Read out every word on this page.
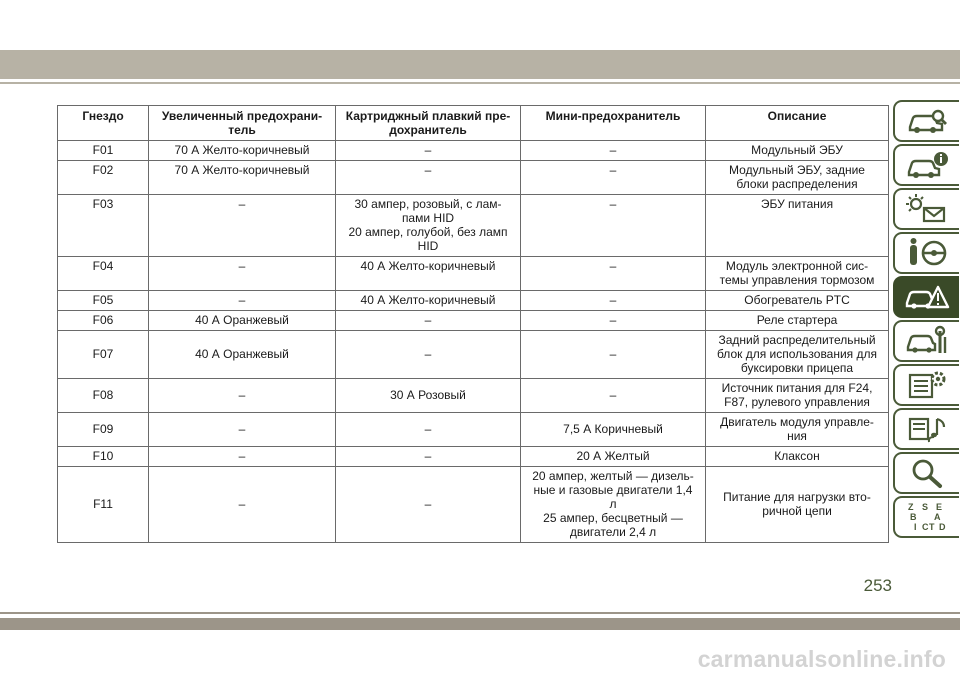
Гнездо	Увеличенный предохрани-
тель	Картриджный плавкий пре-
дохранитель	Мини-предохранитель	Описание
F01	70 А Желто-коричневый	–	–	Модульный ЭБУ
F02	70 А Желто-коричневый	–	–	Модульный ЭБУ, задние
блоки распределения
F03	–	30 ампер, розовый, с лам-
пами HID
20 ампер, голубой, без ламп
HID	–	ЭБУ питания
F04	–	40 А Желто-коричневый	–	Модуль электронной сис-
темы управления тормозом
F05	–	40 А Желто-коричневый	–	Обогреватель PTC
F06	40 А Оранжевый	–	–	Реле стартера
F07	40 А Оранжевый	–	–	Задний распределительный
блок для использования для
буксировки прицепа
F08	–	30 А Розовый	–	Источник питания для F24,
F87, рулевого управления
F09	–	–	7,5 А Коричневый	Двигатель модуля управле-
ния
F10	–	–	20 А Желтый	Клаксон
F11	–	–	20 ампер, желтый — дизель-
ные и газовые двигатели 1,4
л
25 ампер, бесцветный —
двигатели 2,4 л	Питание для нагрузки вто-
ричной цепи	Z S E
B A
I C T D
253
carmanualsonline.info
